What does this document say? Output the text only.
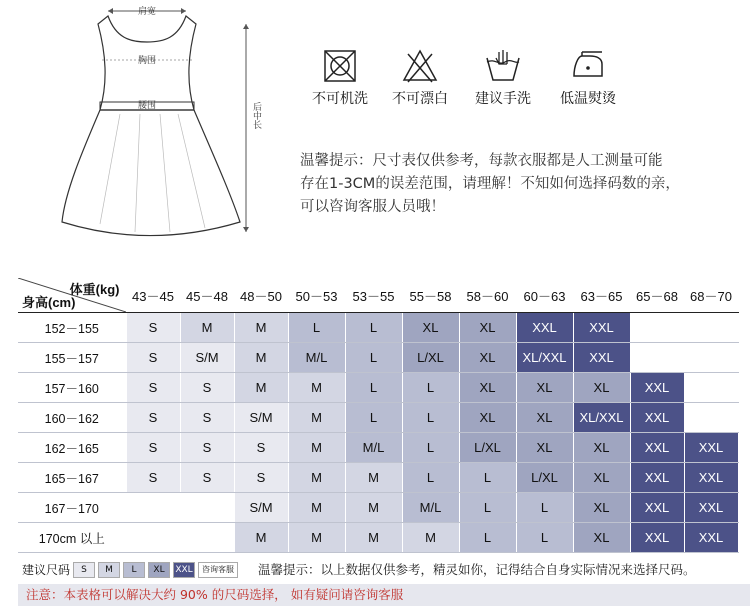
肩宽
胸围
腰围	后中长
不可机洗	不可漂白	建议手洗	低温熨烫
温馨提示：尺寸表仅供参考，每款衣服都是人工测量可能
存在1-3CM的误差范围，请理解！不知如何选择码数的亲，
可以咨询客服人员哦！
体重(kg)
身高(cm)	43－45	45－48	48－50	50－53	53－55	55－58	58－60	60－63	63－65	65－68	68－70
152－155	S	M	M	L	L	XL	XL	XXL	XXL		
155－157	S	S/M	M	M/L	L	L/XL	XL	XL/XXL	XXL		
157－160	S	S	M	M	L	L	XL	XL	XL	XXL	
160－162	S	S	S/M	M	L	L	XL	XL	XL/XXL	XXL	
162－165	S	S	S	M	M/L	L	L/XL	XL	XL	XXL	XXL
165－167	S	S	S	M	M	L	L	L/XL	XL	XXL	XXL
167－170			S/M	M	M	M/L	L	L	XL	XXL	XXL
170cm 以上			M	M	M	M	L	L	XL	XXL	XXL
建议尺码	S M L XL XXL 咨询客服	温馨提示：以上数据仅供参考，精灵如你，记得结合自身实际情况来选择尺码。
注意：本表格可以解决大约 90% 的尺码选择， 如有疑问请咨询客服
